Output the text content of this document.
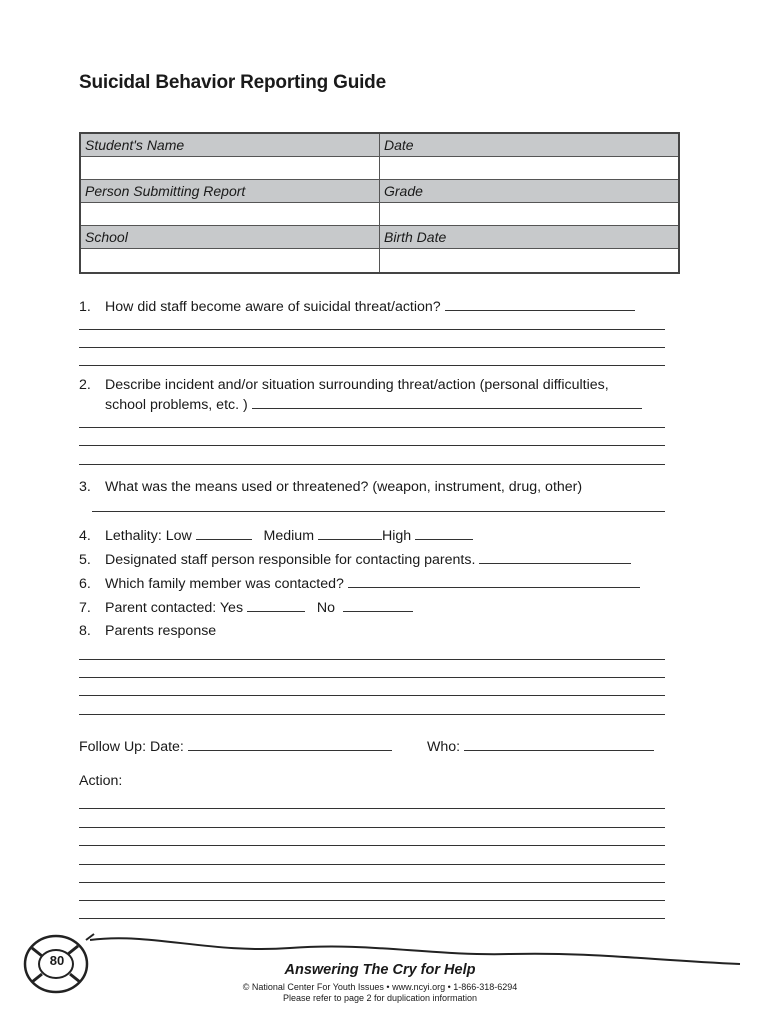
Suicidal Behavior Reporting Guide
Student's Name	Date
Person Submitting Report	Grade
School	Birth Date
1. How did staff become aware of suicidal threat/action?
2. Describe incident and/or situation surrounding threat/action (personal difficulties,
school problems, etc. )
3. What was the means used or threatened? (weapon, instrument, drug, other)
4. Lethality: Low	Medium	High
5. Designated staff person responsible for contacting parents.
6. Which family member was contacted?
7. Parent contacted: Yes	No
8. Parents response
Follow Up: Date:	Who:
Action:
80
Answering The Cry for Help
© National Center For Youth Issues • www.ncyi.org • 1-866-318-6294
Please refer to page 2 for duplication information
